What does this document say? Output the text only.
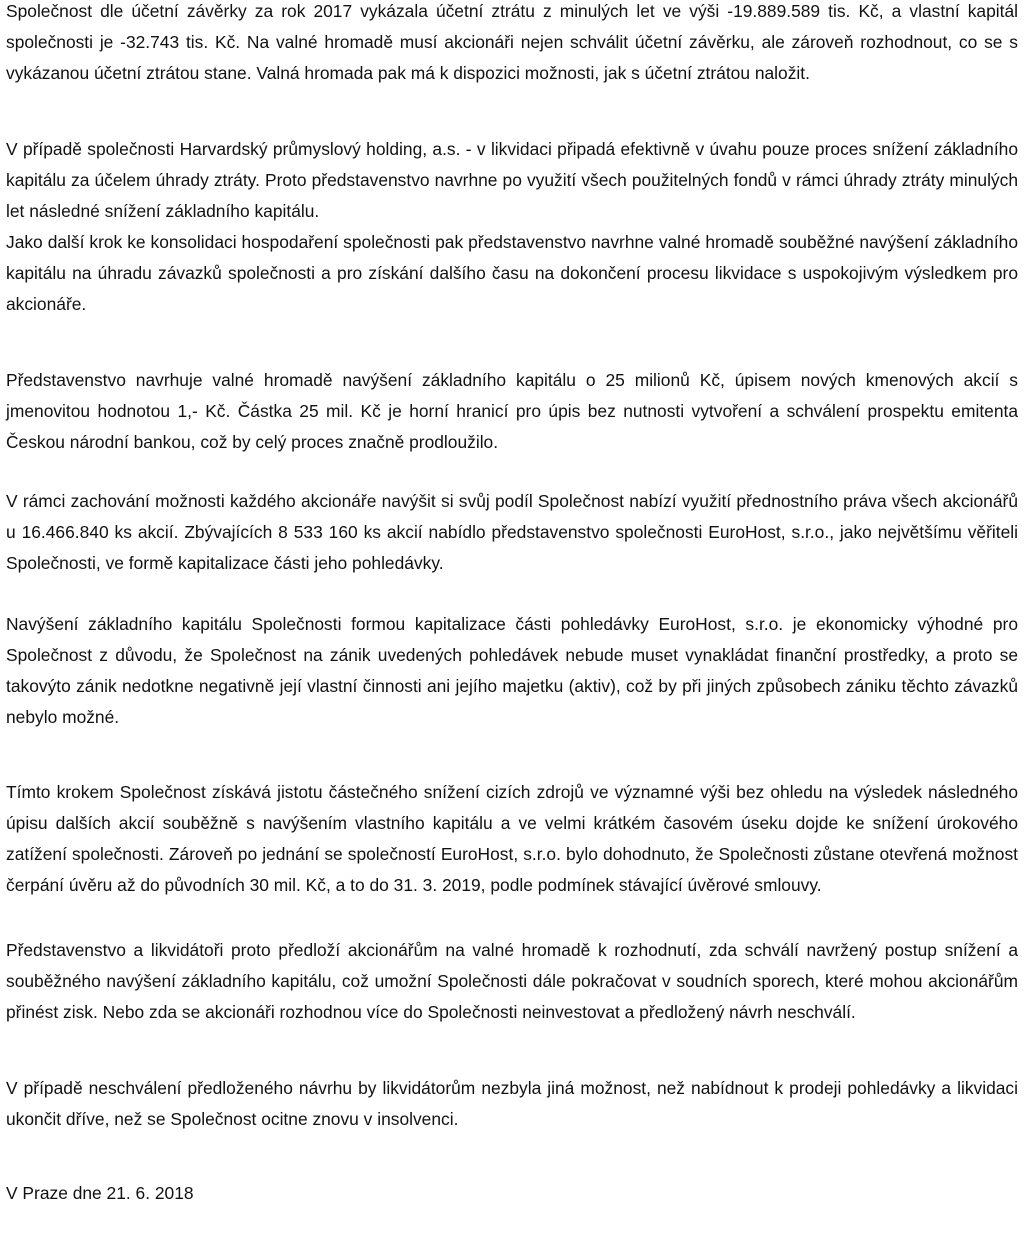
Společnost dle účetní závěrky za rok 2017 vykázala účetní ztrátu z minulých let ve výši -19.889.589 tis. Kč, a vlastní kapitál společnosti je -32.743 tis. Kč. Na valné hromadě musí akcionáři nejen schválit účetní závěrku, ale zároveň rozhodnout, co se s vykázanou účetní ztrátou stane. Valná hromada pak má k dispozici možnosti, jak s účetní ztrátou naložit.

V případě společnosti Harvardský průmyslový holding, a.s. - v likvidaci připadá efektivně v úvahu pouze proces snížení základního kapitálu za účelem úhrady ztráty. Proto představenstvo navrhne po využití všech použitelných fondů v rámci úhrady ztráty minulých let následné snížení základního kapitálu.

Jako další krok ke konsolidaci hospodaření společnosti pak představenstvo navrhne valné hromadě souběžné navýšení základního kapitálu na úhradu závazků společnosti a pro získání dalšího času na dokončení procesu likvidace s uspokojivým výsledkem pro akcionáře.

Představenstvo navrhuje valné hromadě navýšení základního kapitálu o 25 milionů Kč, úpisem nových kmenových akcií s jmenovitou hodnotou 1,- Kč. Částka 25 mil. Kč je horní hranicí pro úpis bez nutnosti vytvoření a schválení prospektu emitenta Českou národní bankou, což by celý proces značně prodloužilo.

V rámci zachování možnosti každého akcionáře navýšit si svůj podíl Společnost nabízí využití přednostního práva všech akcionářů u 16.466.840 ks akcií. Zbývajících 8 533 160 ks akcií nabídlo představenstvo společnosti EuroHost, s.r.o., jako největšímu věřiteli Společnosti, ve formě kapitalizace části jeho pohledávky.

Navýšení základního kapitálu Společnosti formou kapitalizace části pohledávky EuroHost, s.r.o. je ekonomicky výhodné pro Společnost z důvodu, že Společnost na zánik uvedených pohledávek nebude muset vynakládat finanční prostředky, a proto se takovýto zánik nedotkne negativně její vlastní činnosti ani jejího majetku (aktiv), což by při jiných způsobech zániku těchto závazků nebylo možné.

Tímto krokem Společnost získává jistotu částečného snížení cizích zdrojů ve významné výši bez ohledu na výsledek následného úpisu dalších akcií souběžně s navýšením vlastního kapitálu a ve velmi krátkém časovém úseku dojde ke snížení úrokového zatížení společnosti. Zároveň po jednání se společností EuroHost, s.r.o. bylo dohodnuto, že Společnosti zůstane otevřená možnost čerpání úvěru až do původních 30 mil. Kč, a to do 31. 3. 2019, podle podmínek stávající úvěrové smlouvy.

Představenstvo a likvidátoři proto předloží akcionářům na valné hromadě k rozhodnutí, zda schválí navržený postup snížení a souběžného navýšení základního kapitálu, což umožní Společnosti dále pokračovat v soudních sporech, které mohou akcionářům přinést zisk. Nebo zda se akcionáři rozhodnou více do Společnosti neinvestovat a předložený návrh neschválí.

V případě neschválení předloženého návrhu by likvidátorům nezbyla jiná možnost, než nabídnout k prodeji pohledávky a likvidaci ukončit dříve, než se Společnost ocitne znovu v insolvenci.

V Praze dne 21. 6. 2018
